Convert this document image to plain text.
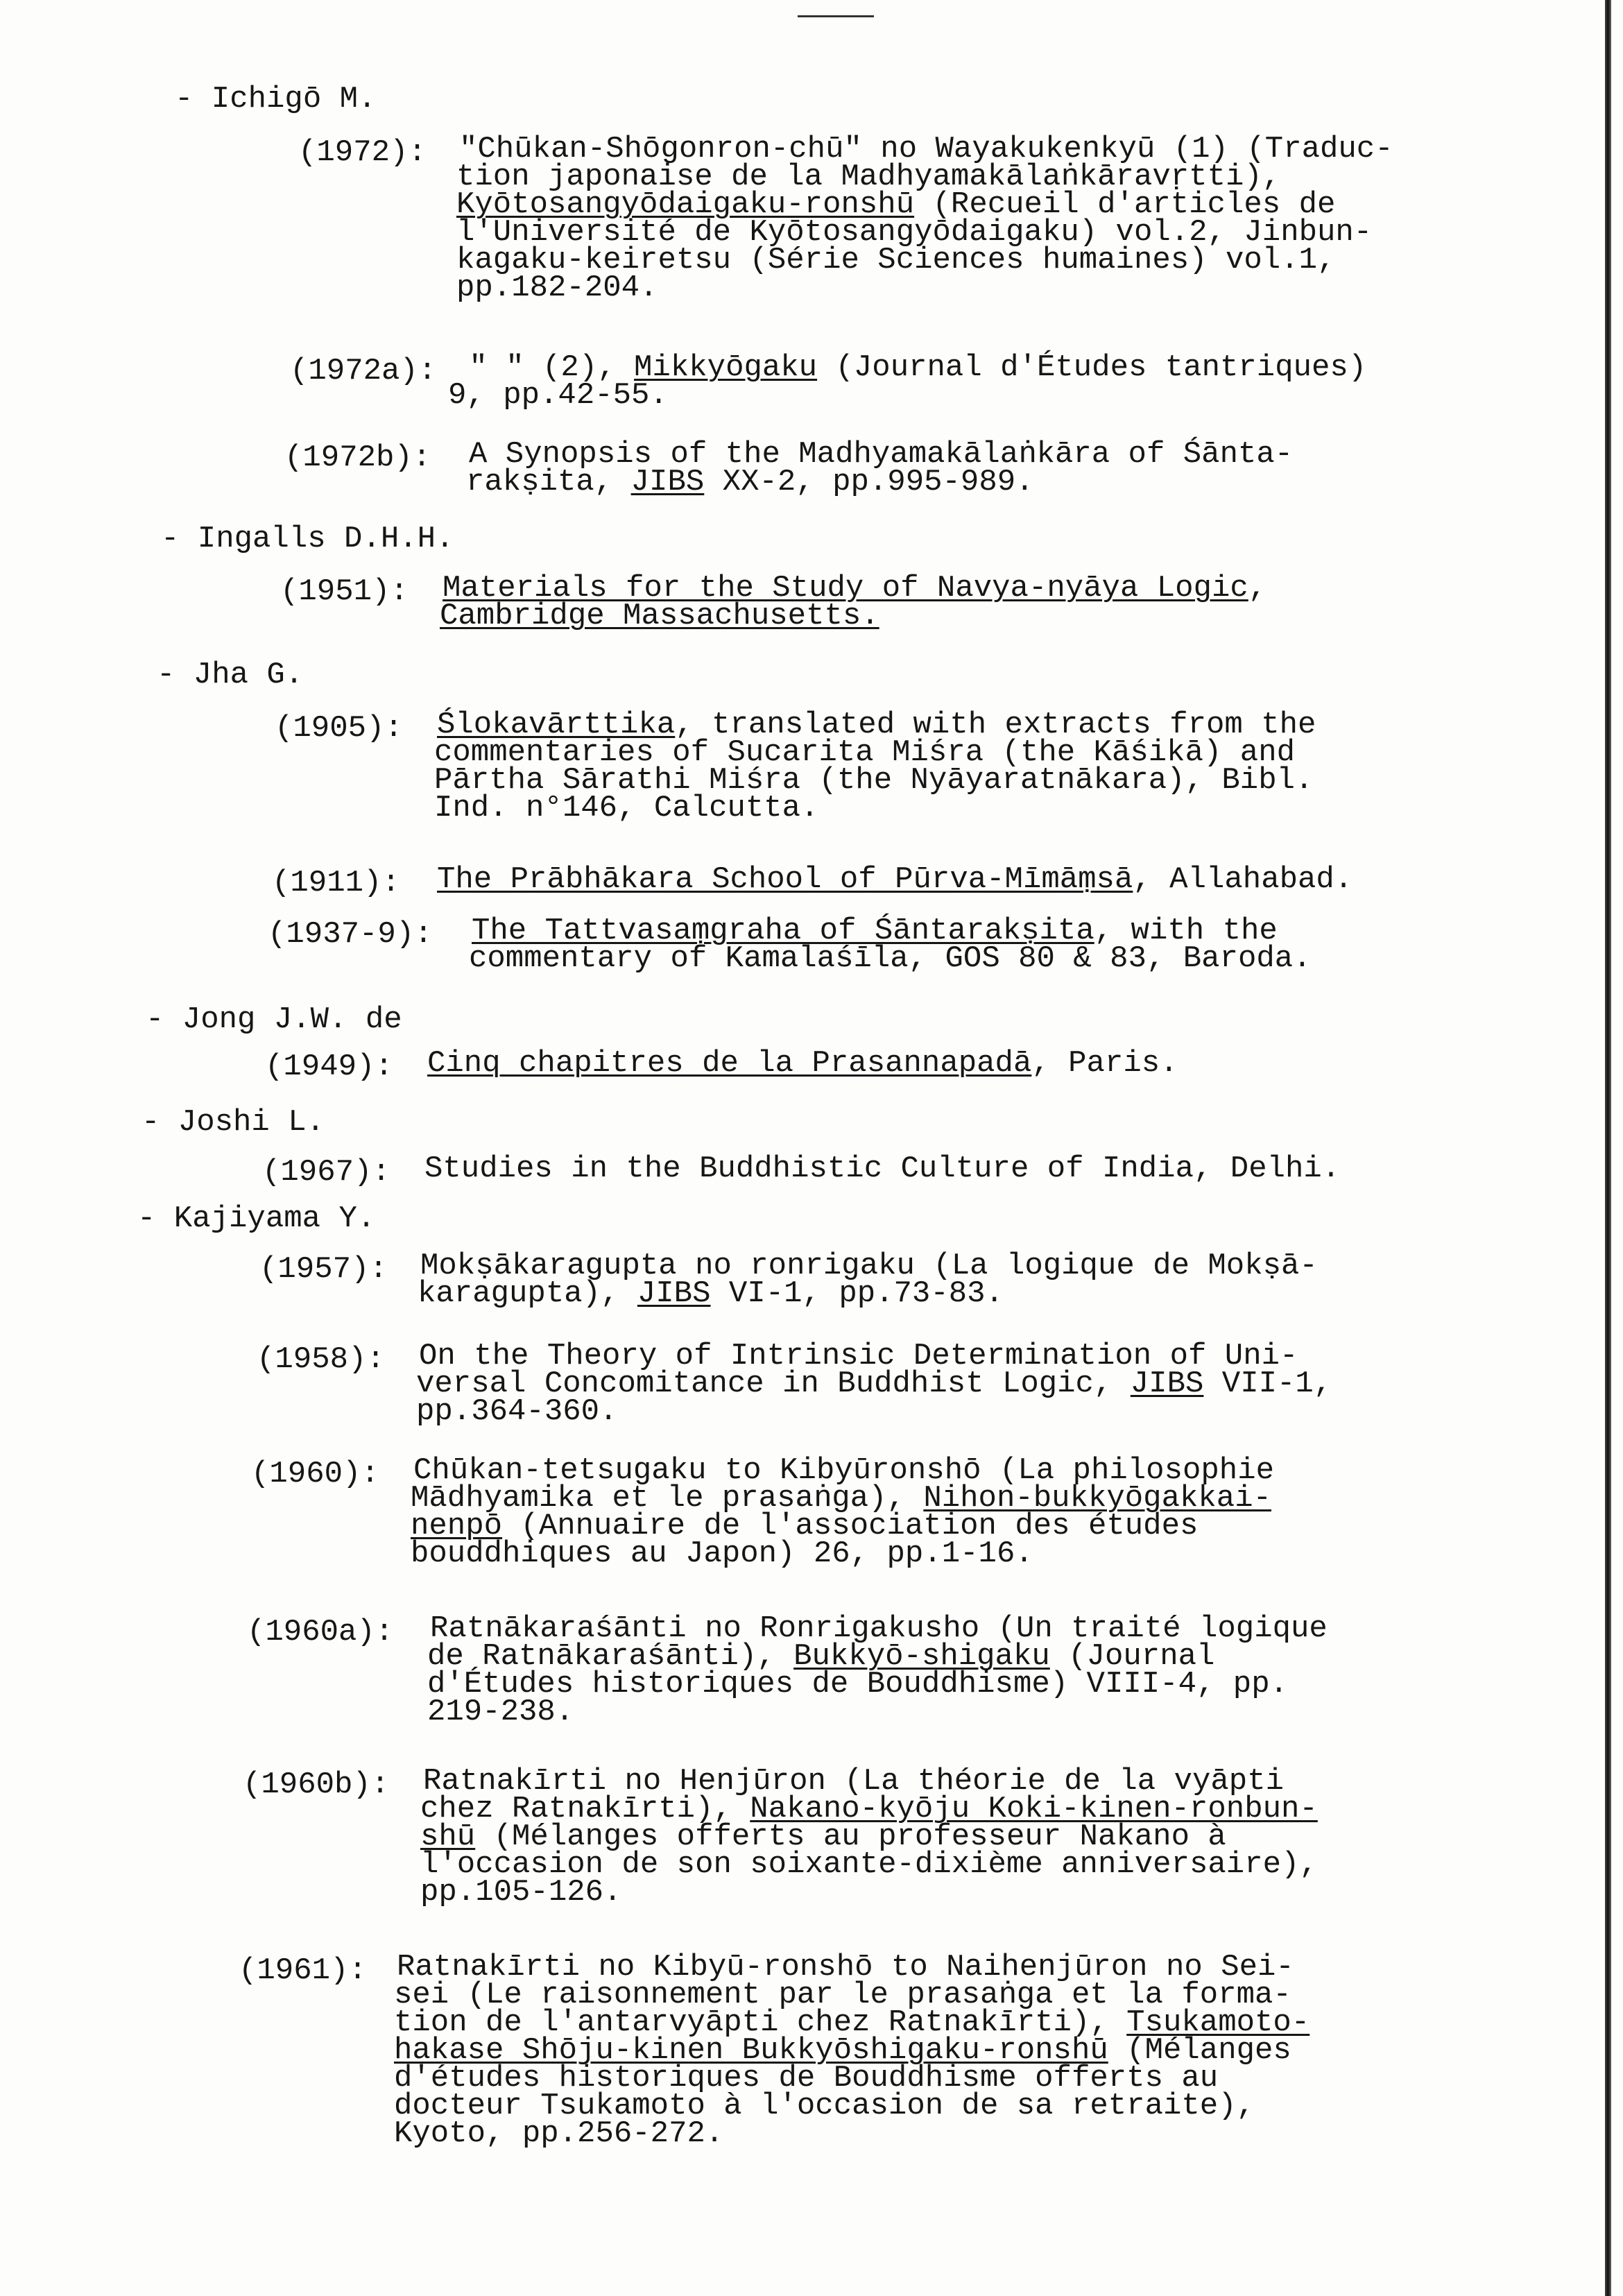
- Ichigō M.
(1972): "Chūkan-Shōgonron-chū" no Wayakukenkyū (1) (Traduc-
tion japonaise de la Madhyamakālaṅkāravṛtti),
Kyōtosangyōdaigaku-ronshū (Recueil d'articles de
l'Université de Kyōtosangyōdaigaku) vol.2, Jinbun-
kagaku-keiretsu (Série Sciences humaines) vol.1,
pp.182-204.
(1972a): " " (2), Mikkyōgaku (Journal d'Études tantriques)
9, pp.42-55.
(1972b): A Synopsis of the Madhyamakālaṅkāra of Śānta-
rakṣita, JIBS XX-2, pp.995-989.
- Ingalls D.H.H.
(1951): Materials for the Study of Navya-nyāya Logic,
Cambridge Massachusetts.
- Jha G.
(1905): Ślokavārttika, translated with extracts from the
commentaries of Sucarita Miśra (the Kāśikā) and
Pārtha Sārathi Miśra (the Nyāyaratnākara), Bibl.
Ind. n°146, Calcutta.
(1911): The Prābhākara School of Pūrva-Mīmāṃsā, Allahabad.
(1937-9): The Tattvasaṃgraha of Śāntarakṣita, with the
commentary of Kamalaśīla, GOS 80 & 83, Baroda.
- Jong J.W. de
(1949): Cinq chapitres de la Prasannapadā, Paris.
- Joshi L.
(1967): Studies in the Buddhistic Culture of India, Delhi.
- Kajiyama Y.
(1957): Mokṣākaragupta no ronrigaku (La logique de Mokṣā-
karagupta), JIBS VI-1, pp.73-83.
(1958): On the Theory of Intrinsic Determination of Uni-
versal Concomitance in Buddhist Logic, JIBS VII-1,
pp.364-360.
(1960): Chūkan-tetsugaku to Kibyūronshō (La philosophie
Mādhyamika et le prasaṅga), Nihon-bukkyōgakkai-
nenpō (Annuaire de l'association des études
bouddhiques au Japon) 26, pp.1-16.
(1960a): Ratnākaraśānti no Ronrigakusho (Un traité logique
de Ratnākaraśānti), Bukkyō-shigaku (Journal
d'Études historiques de Bouddhisme) VIII-4, pp.
219-238.
(1960b): Ratnakīrti no Henjūron (La théorie de la vyāpti
chez Ratnakīrti), Nakano-kyōju Koki-kinen-ronbun-
shū (Mélanges offerts au professeur Nakano à
l'occasion de son soixante-dixième anniversaire),
pp.105-126.
(1961): Ratnakīrti no Kibyū-ronshō to Naihenjūron no Sei-
sei (Le raisonnement par le prasaṅga et la forma-
tion de l'antarvyāpti chez Ratnakīrti), Tsukamoto-
hakase Shōju-kinen Bukkyōshigaku-ronshū (Mélanges
d'études historiques de Bouddhisme offerts au
docteur Tsukamoto à l'occasion de sa retraite),
Kyoto, pp.256-272.
